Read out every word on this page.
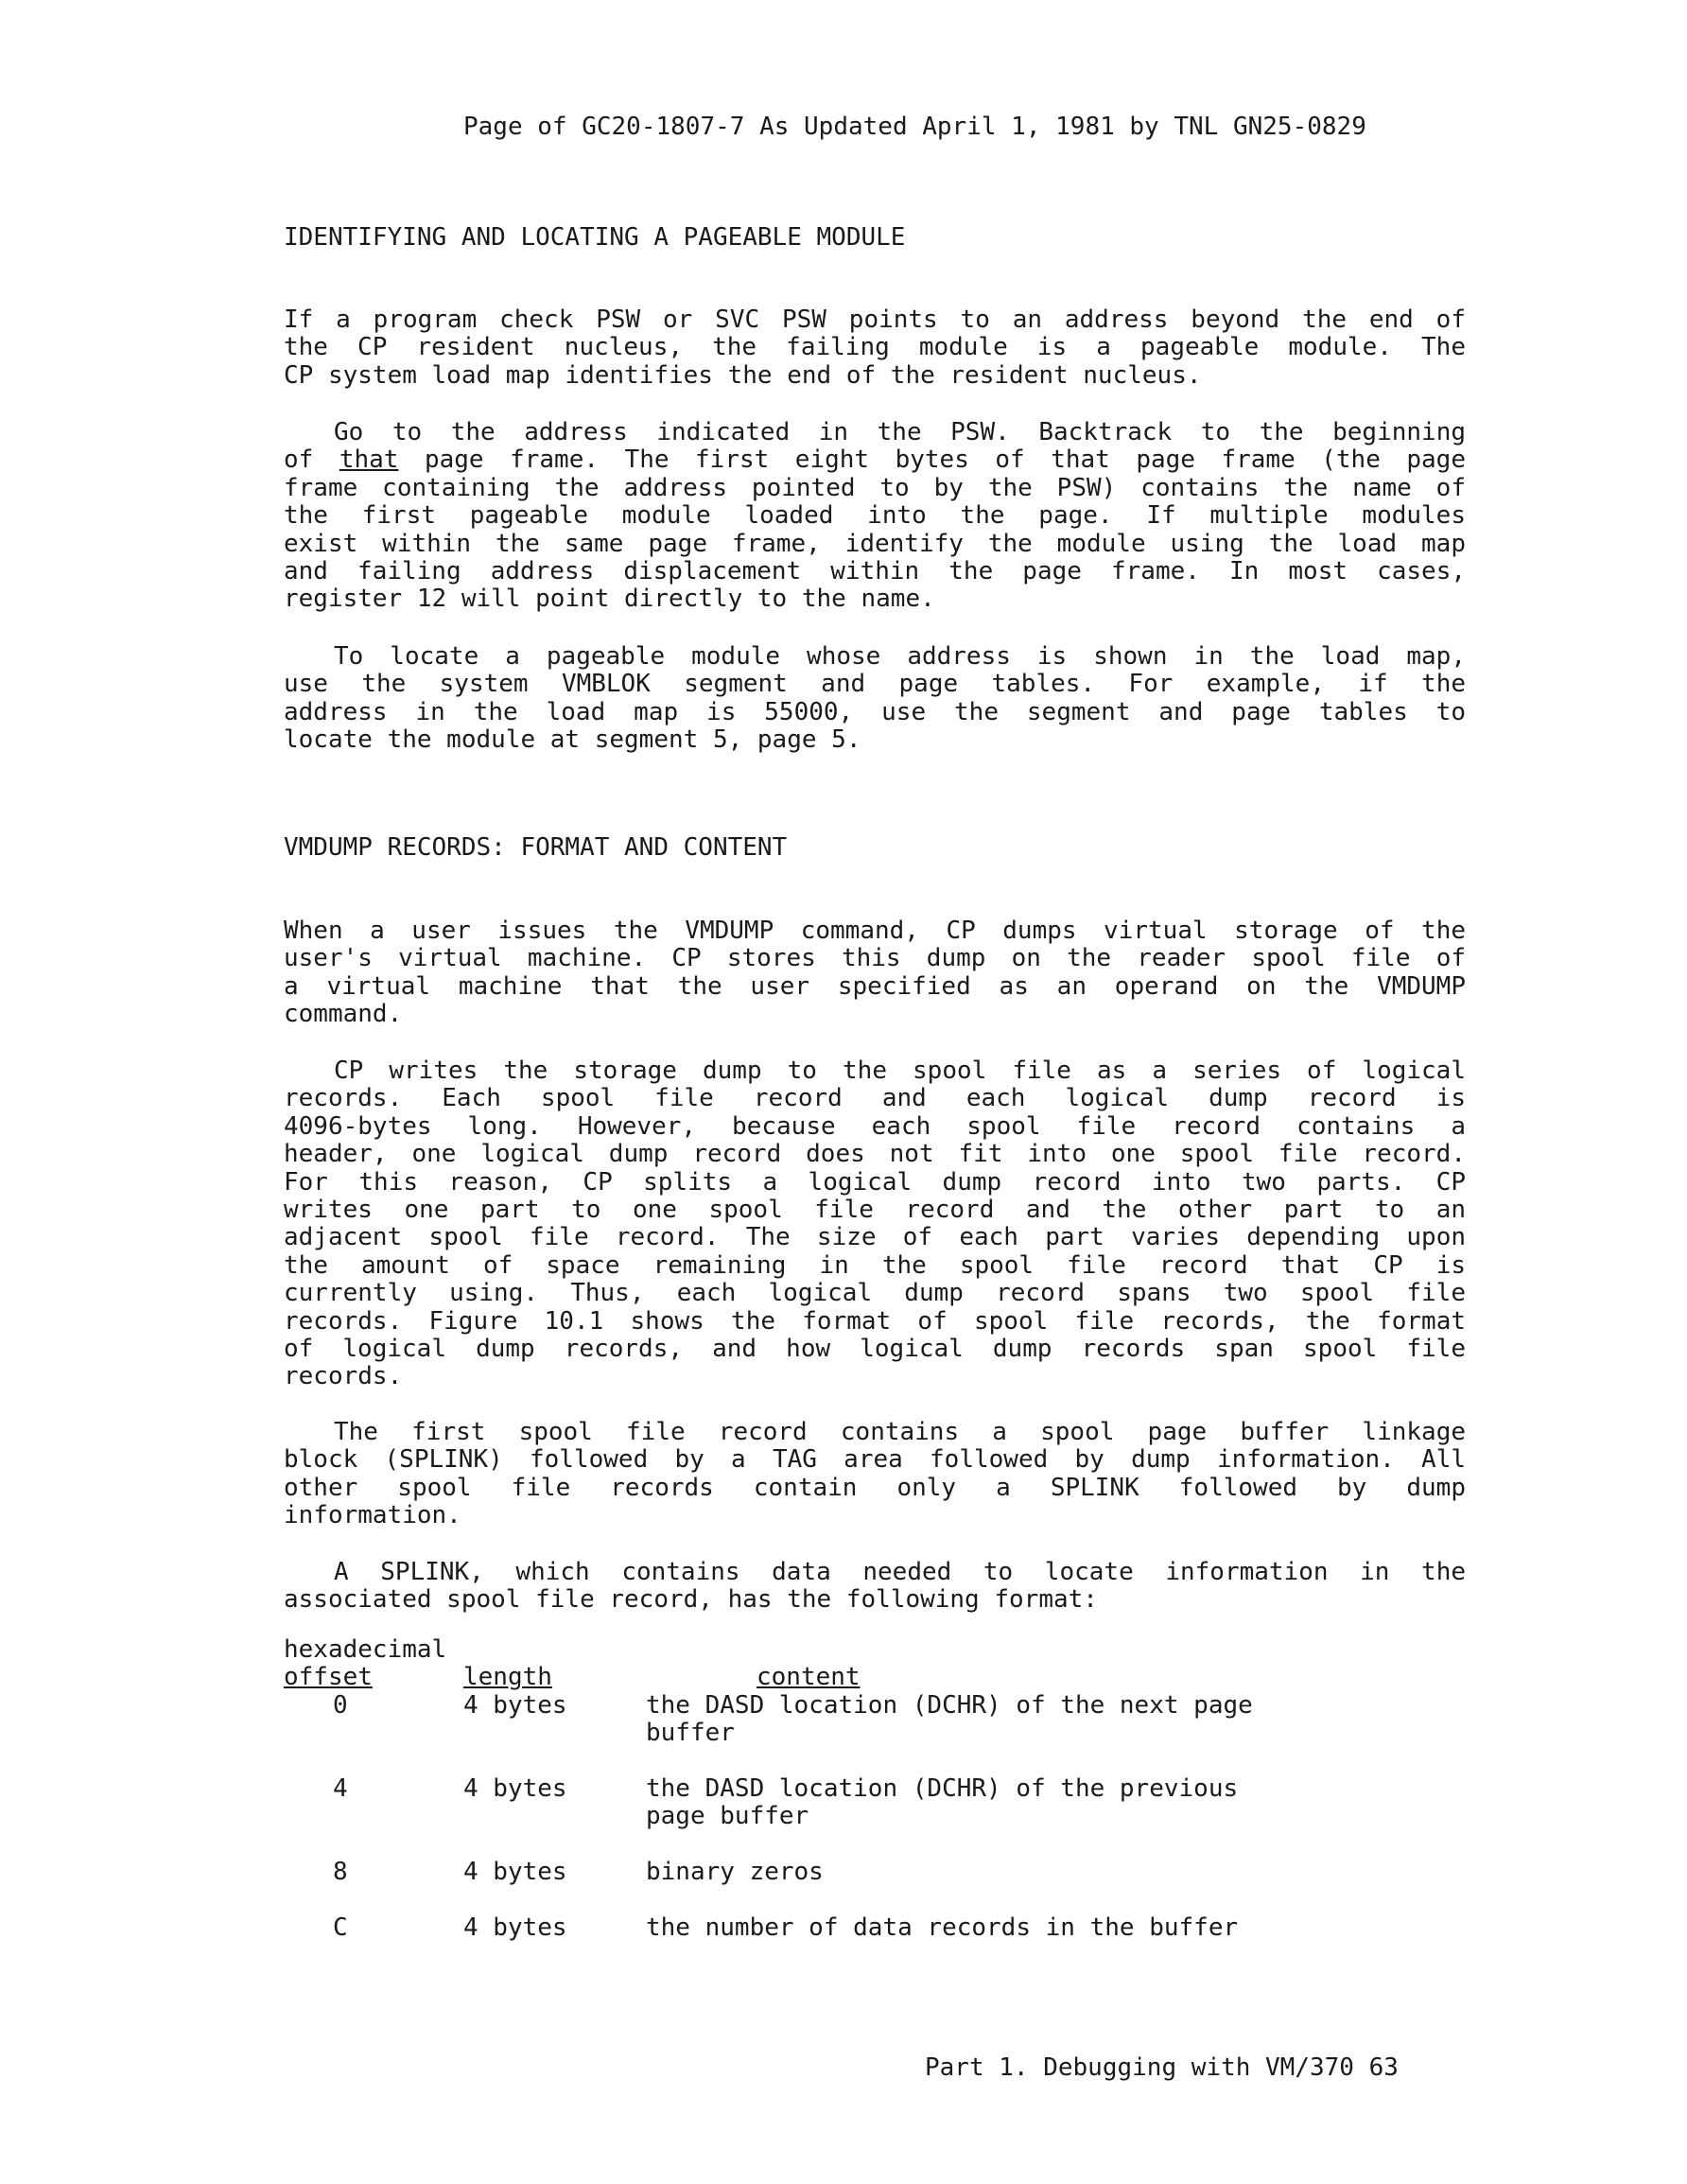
Page of GC20-1807-7 As Updated April 1, 1981 by TNL GN25-0829
IDENTIFYING AND LOCATING A PAGEABLE MODULE
If a program check PSW or SVC PSW points to an address beyond the end of
the CP resident nucleus, the failing module is a pageable module. The
CP system load map identifies the end of the resident nucleus.
Go to the address indicated in the PSW. Backtrack to the beginning
of that page frame. The first eight bytes of that page frame (the page
frame containing the address pointed to by the PSW) contains the name of
the first pageable module loaded into the page. If multiple modules
exist within the same page frame, identify the module using the load map
and failing address displacement within the page frame. In most cases,
register 12 will point directly to the name.
To locate a pageable module whose address is shown in the load map,
use the system VMBLOK segment and page tables. For example, if the
address in the load map is 55000, use the segment and page tables to
locate the module at segment 5, page 5.
VMDUMP RECORDS: FORMAT AND CONTENT
When a user issues the VMDUMP command, CP dumps virtual storage of the
user's virtual machine. CP stores this dump on the reader spool file of
a virtual machine that the user specified as an operand on the VMDUMP
command.
CP writes the storage dump to the spool file as a series of logical
records. Each spool file record and each logical dump record is
4096-bytes long. However, because each spool file record contains a
header, one logical dump record does not fit into one spool file record.
For this reason, CP splits a logical dump record into two parts. CP
writes one part to one spool file record and the other part to an
adjacent spool file record. The size of each part varies depending upon
the amount of space remaining in the spool file record that CP is
currently using. Thus, each logical dump record spans two spool file
records. Figure 10.1 shows the format of spool file records, the format
of logical dump records, and how logical dump records span spool file
records.
The first spool file record contains a spool page buffer linkage
block (SPLINK) followed by a TAG area followed by dump information. All
other spool file records contain only a SPLINK followed by dump
information.
A SPLINK, which contains data needed to locate information in the
associated spool file record, has the following format:
hexadecimal
offset	length	content
0	4 bytes	the DASD location (DCHR) of the next page
buffer
4	4 bytes	the DASD location (DCHR) of the previous
page buffer
8	4 bytes	binary zeros
C	4 bytes	the number of data records in the buffer
Part 1. Debugging with VM/370 63
